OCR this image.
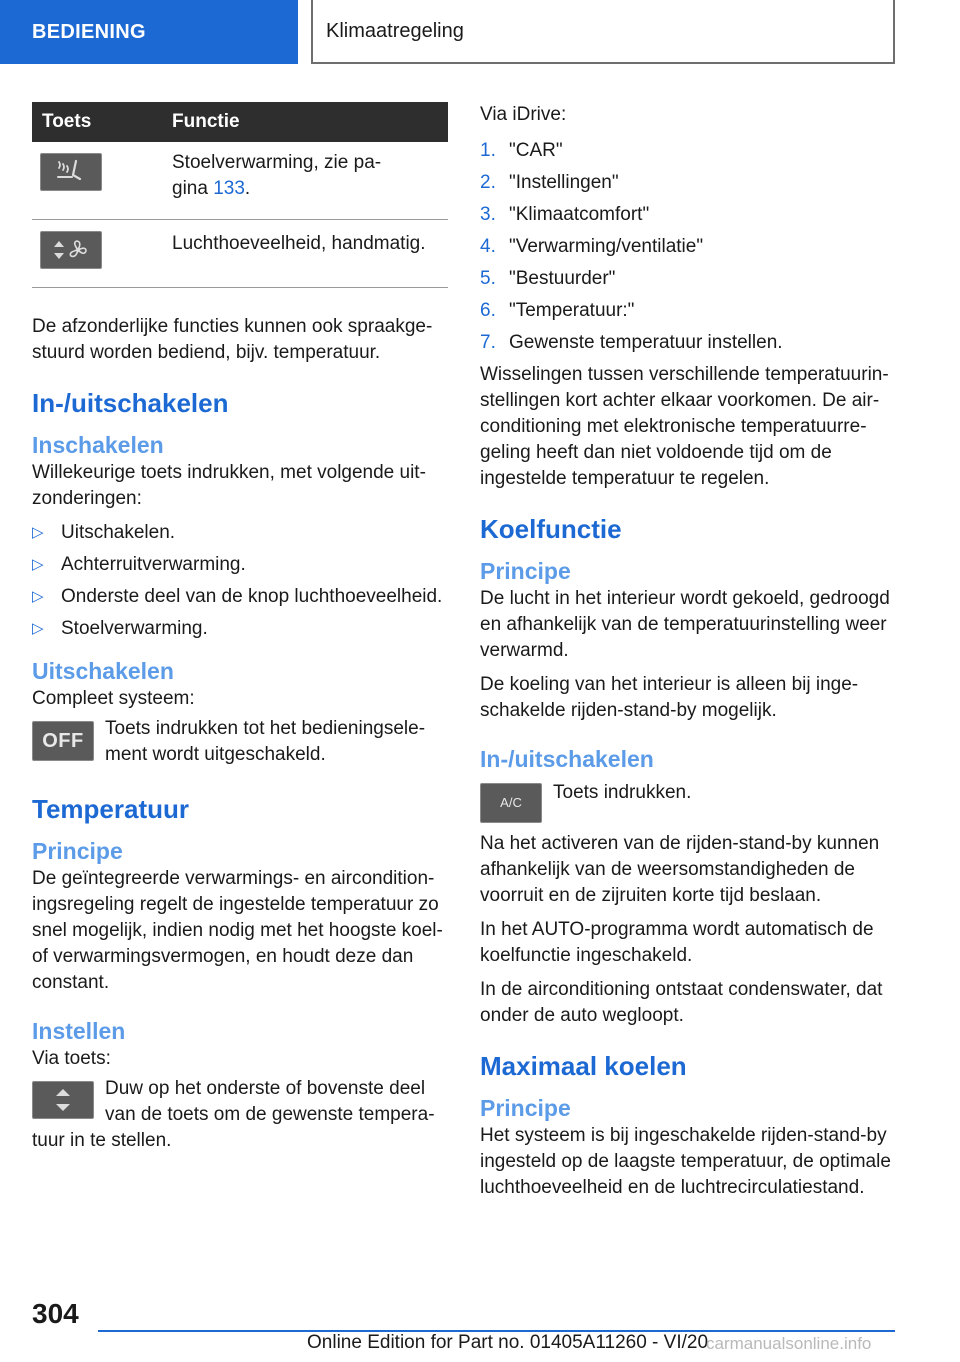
BEDIENING	Klimaatregeling
Toets	Functie

	Stoelverwarming, zie pa-
gina 133.

	Luchthoeveelheid, handmatig.

De afzonderlijke functies kunnen ook spraakge-
stuurd worden bediend, bijv. temperatuur.

In-/uitschakelen
Inschakelen

Willekeurige toets indrukken, met volgende uit-
zonderingen:

▷ Uitschakelen.
▷ Achterruitverwarming.
▷ Onderste deel van de knop luchthoeveelheid.
▷ Stoelverwarming.
Uitschakelen

Compleet systeem:

OFF
Toets indrukken tot het bedieningsele-
ment wordt uitgeschakeld.
Temperatuur
Principe

De geïntegreerde verwarmings- en aircondition-
ingsregeling regelt de ingestelde temperatuur zo
snel mogelijk, indien nodig met het hoogste koel-
of verwarmingsvermogen, en houdt deze dan
constant.

Instellen

Via toets:

Duw op het onderste of bovenste deel
van de toets om de gewenste tempera-
tuur in te stellen.

Via iDrive:

1. "CAR"
2. "Instellingen"
3. "Klimaatcomfort"
4. "Verwarming/ventilatie"
5. "Bestuurder"
6. "Temperatuur:"
7. Gewenste temperatuur instellen.

Wisselingen tussen verschillende temperatuurin-
stellingen kort achter elkaar voorkomen. De air-
conditioning met elektronische temperatuurre-
geling heeft dan niet voldoende tijd om de
ingestelde temperatuur te regelen.

Koelfunctie
Principe

De lucht in het interieur wordt gekoeld, gedroogd
en afhankelijk van de temperatuurinstelling weer
verwarmd.

De koeling van het interieur is alleen bij inge-
schakelde rijden-stand-by mogelijk.

In-/uitschakelen
A/C	Toets indrukken.

Na het activeren van de rijden-stand-by kunnen
afhankelijk van de weersomstandigheden de
voorruit en de zijruiten korte tijd beslaan.

In het AUTO-programma wordt automatisch de
koelfunctie ingeschakeld.

In de airconditioning ontstaat condenswater, dat
onder de auto wegloopt.

Maximaal koelen
Principe

Het systeem is bij ingeschakelde rijden-stand-by
ingesteld op de laagste temperatuur, de optimale
luchthoeveelheid en de luchtrecirculatiestand.

304
Online Edition for Part no. 01405A11260 - VI/20
carmanualsonline.info
